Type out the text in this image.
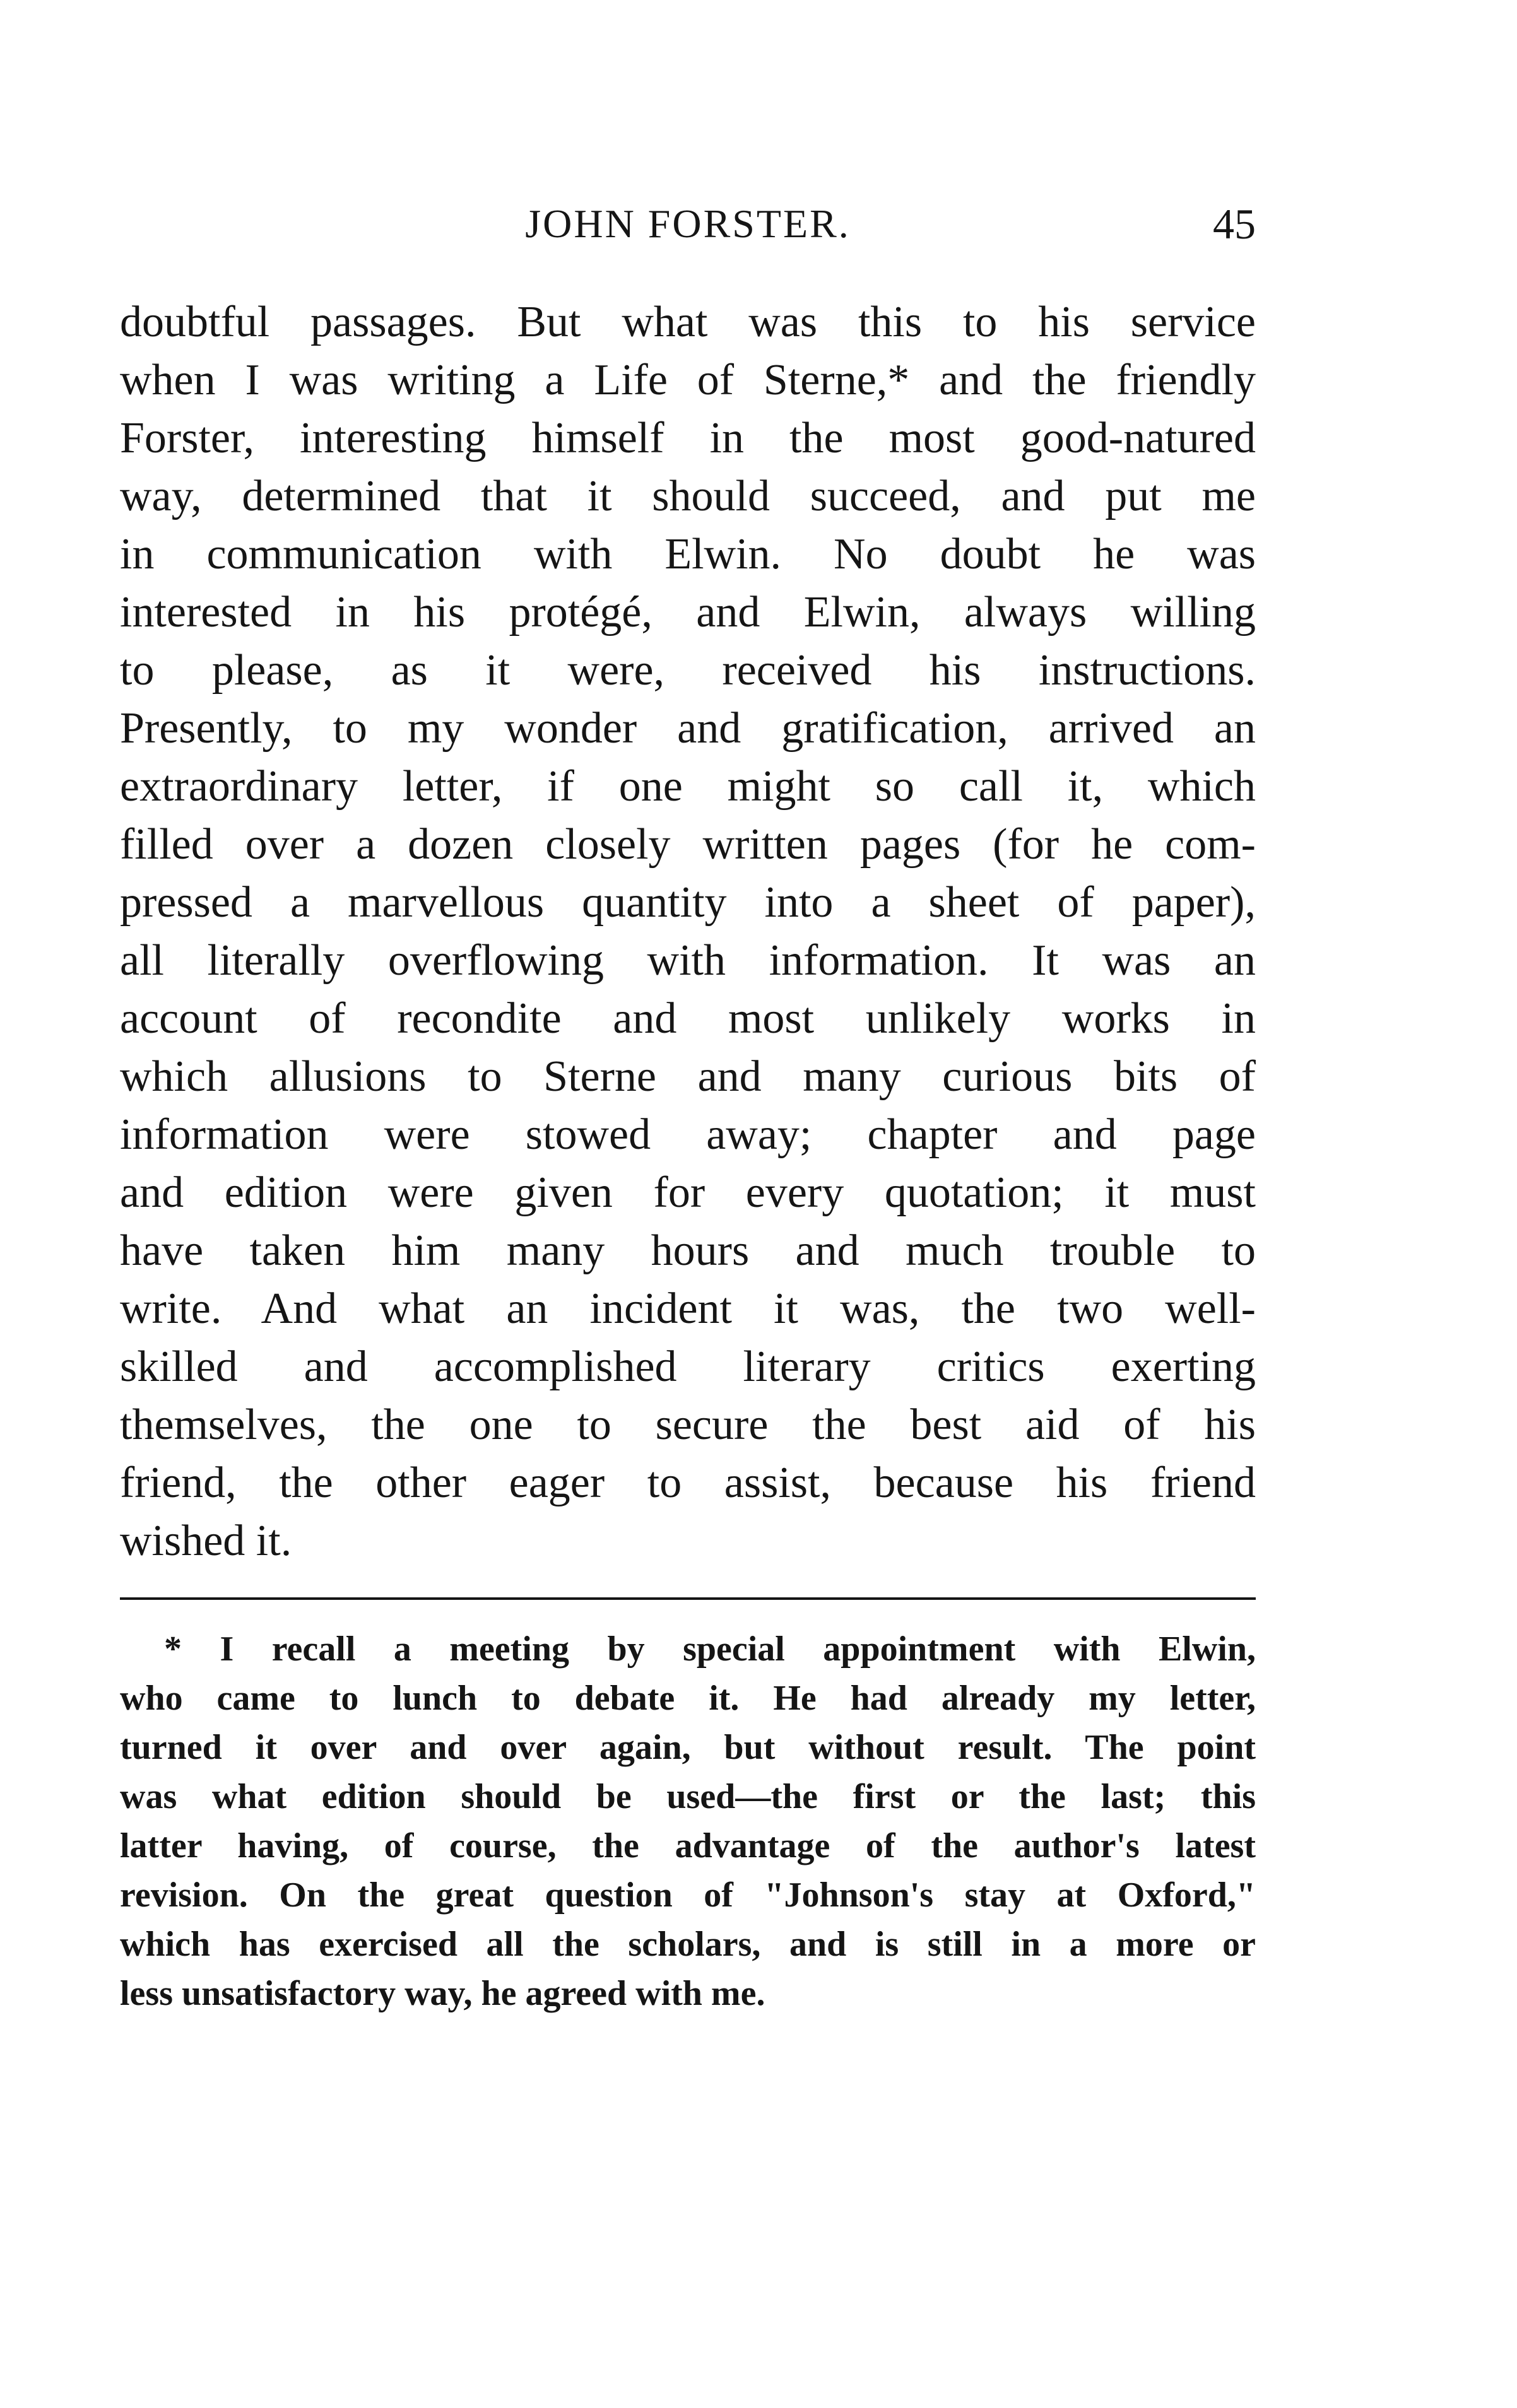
JOHN FORSTER.	45
doubtful passages. But what was this to his service
when I was writing a Life of Sterne,* and the friendly
Forster, interesting himself in the most good-natured
way, determined that it should succeed, and put me
in communication with Elwin. No doubt he was
interested in his protégé, and Elwin, always willing
to please, as it were, received his instructions.
Presently, to my wonder and gratification, arrived an
extraordinary letter, if one might so call it, which
filled over a dozen closely written pages (for he com-
pressed a marvellous quantity into a sheet of paper),
all literally overflowing with information. It was an
account of recondite and most unlikely works in
which allusions to Sterne and many curious bits of
information were stowed away; chapter and page
and edition were given for every quotation; it must
have taken him many hours and much trouble to
write. And what an incident it was, the two well-
skilled and accomplished literary critics exerting
themselves, the one to secure the best aid of his
friend, the other eager to assist, because his friend
wished it.
* I recall a meeting by special appointment with Elwin,
who came to lunch to debate it. He had already my letter,
turned it over and over again, but without result. The point
was what edition should be used—the first or the last; this
latter having, of course, the advantage of the author's latest
revision. On the great question of "Johnson's stay at Oxford,"
which has exercised all the scholars, and is still in a more or
less unsatisfactory way, he agreed with me.
